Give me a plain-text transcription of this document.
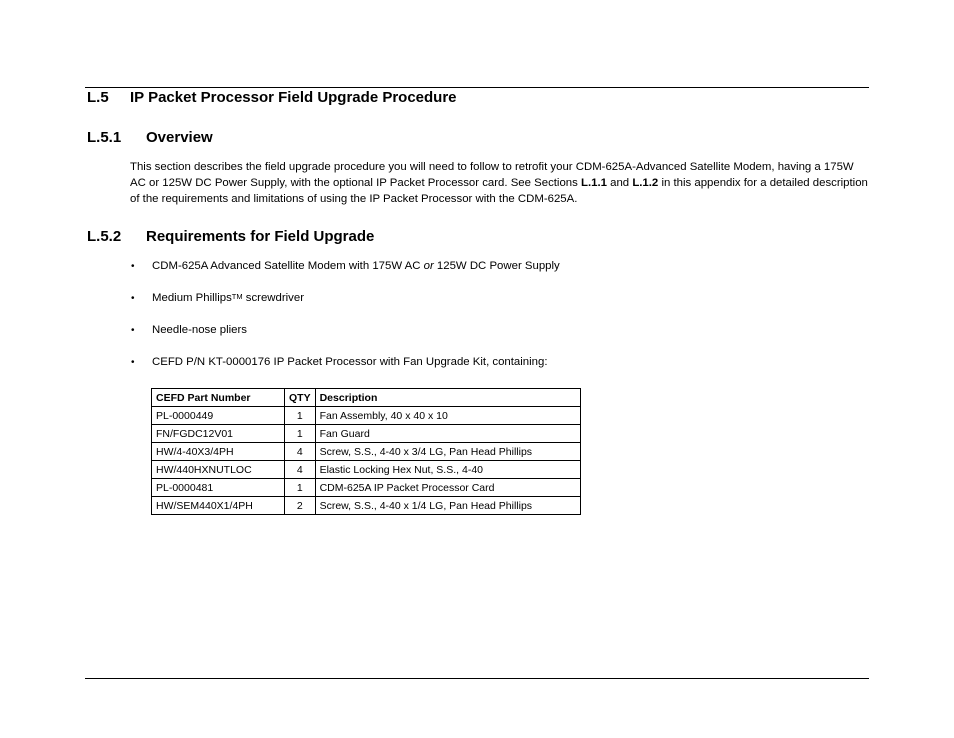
L.5 IP Packet Processor Field Upgrade Procedure
L.5.1 Overview
This section describes the field upgrade procedure you will need to follow to retrofit your CDM-625A-Advanced Satellite Modem, having a 175W AC or 125W DC Power Supply, with the optional IP Packet Processor card. See Sections L.1.1 and L.1.2 in this appendix for a detailed description of the requirements and limitations of using the IP Packet Processor with the CDM-625A.
L.5.2 Requirements for Field Upgrade
• CDM-625A Advanced Satellite Modem with 175W AC or 125W DC Power Supply
• Medium Phillips™ screwdriver
• Needle-nose pliers
• CEFD P/N KT-0000176 IP Packet Processor with Fan Upgrade Kit, containing:
CEFD Part Number	QTY	Description
PL-0000449	1	Fan Assembly, 40 x 40 x 10
FN/FGDC12V01	1	Fan Guard
HW/4-40X3/4PH	4	Screw, S.S., 4-40 x 3/4 LG, Pan Head Phillips
HW/440HXNUTLOC	4	Elastic Locking Hex Nut, S.S., 4-40
PL-0000481	1	CDM-625A IP Packet Processor Card
HW/SEM440X1/4PH	2	Screw, S.S., 4-40 x 1/4 LG, Pan Head Phillips
